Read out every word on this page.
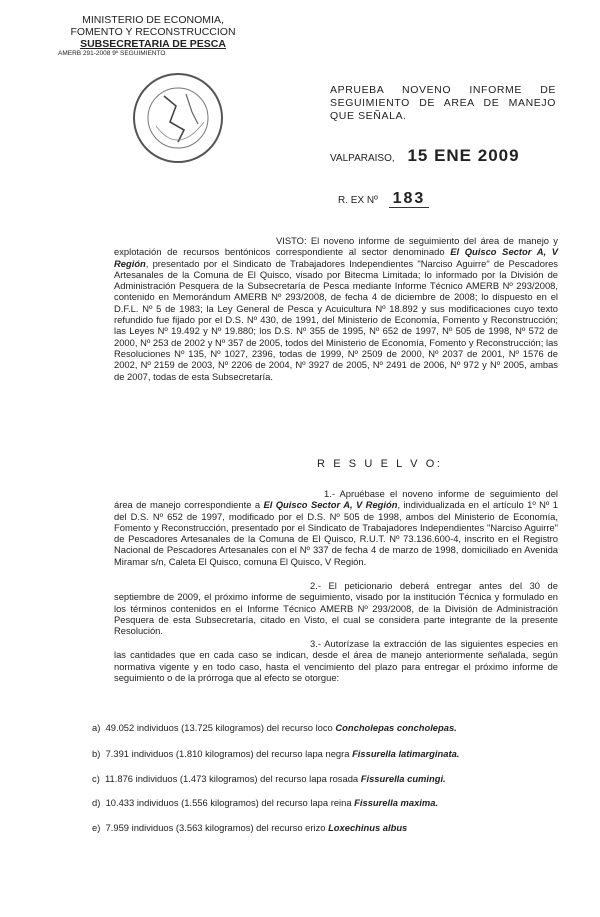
MINISTERIO DE ECONOMIA,
FOMENTO Y RECONSTRUCCION
SUBSECRETARIA DE PESCA
AMERB 291-2008 9º SEGUIMIENTO
APRUEBA NOVENO INFORME DE SEGUIMIENTO DE AREA DE MANEJO QUE SEÑALA.
VALPARAISO, 15 ENE 2009
R. EX Nº 183
VISTO: El noveno informe de seguimiento del área de manejo y explotación de recursos bentónicos correspondiente al sector denominado El Quisco Sector A, V Región, presentado por el Sindicato de Trabajadores Independientes "Narciso Aguirre" de Pescadores Artesanales de la Comuna de El Quisco, visado por Bitecma Limitada; lo informado por la División de Administración Pesquera de la Subsecretaría de Pesca mediante Informe Técnico AMERB Nº 293/2008, contenido en Memorándum AMERB Nº 293/2008, de fecha 4 de diciembre de 2008; lo dispuesto en el D.F.L. Nº 5 de 1983; la Ley General de Pesca y Acuicultura Nº 18.892 y sus modificaciones cuyo texto refundido fue fijado por el D.S. Nº 430, de 1991, del Ministerio de Economía, Fomento y Reconstrucción; las Leyes Nº 19.492 y Nº 19.880; los D.S. Nº 355 de 1995, Nº 652 de 1997, Nº 505 de 1998, Nº 572 de 2000, Nº 253 de 2002 y Nº 357 de 2005, todos del Ministerio de Economía, Fomento y Reconstrucción; las Resoluciones Nº 135, Nº 1027, 2396, todas de 1999, Nº 2509 de 2000, Nº 2037 de 2001, Nº 1576 de 2002, Nº 2159 de 2003, Nº 2206 de 2004, Nº 3927 de 2005, Nº 2491 de 2006, Nº 972 y Nº 2005, ambas de 2007, todas de esta Subsecretaría.
R E S U E L V O:
1.- Apruébase el noveno informe de seguimiento del área de manejo correspondiente a El Quisco Sector A, V Región, individualizada en el artículo 1º Nº 1 del D.S. Nº 652 de 1997, modificado por el D.S. Nº 505 de 1998, ambos del Ministerio de Economía, Fomento y Reconstrucción, presentado por el Sindicato de Trabajadores Independientes "Narciso Aguirre" de Pescadores Artesanales de la Comuna de El Quisco, R.U.T. Nº 73.136.600-4, inscrito en el Registro Nacional de Pescadores Artesanales con el Nº 337 de fecha 4 de marzo de 1998, domiciliado en Avenida Miramar s/n, Caleta El Quisco, comuna El Quisco, V Región.
2.- El peticionario deberá entregar antes del 30 de septiembre de 2009, el próximo informe de seguimiento, visado por la institución Técnica y formulado en los términos contenidos en el Informe Técnico AMERB Nº 293/2008, de la División de Administración Pesquera de esta Subsecretaría, citado en Visto, el cual se considera parte integrante de la presente Resolución.
3.- Autorízase la extracción de las siguientes especies en las cantidades que en cada caso se indican, desde el área de manejo anteriormente señalada, según normativa vigente y en todo caso, hasta el vencimiento del plazo para entregar el próximo informe de seguimiento o de la prórroga que al efecto se otorgue:
a) 49.052 individuos (13.725 kilogramos) del recurso loco Concholepas concholepas.
b) 7.391 individuos (1.810 kilogramos) del recurso lapa negra Fissurella latimarginata.
c) 11.876 individuos (1.473 kilogramos) del recurso lapa rosada Fissurella cumingi.
d) 10.433 individuos (1.556 kilogramos) del recurso lapa reina Fissurella maxima.
e) 7.959 individuos (3.563 kilogramos) del recurso erizo Loxechinus albus
